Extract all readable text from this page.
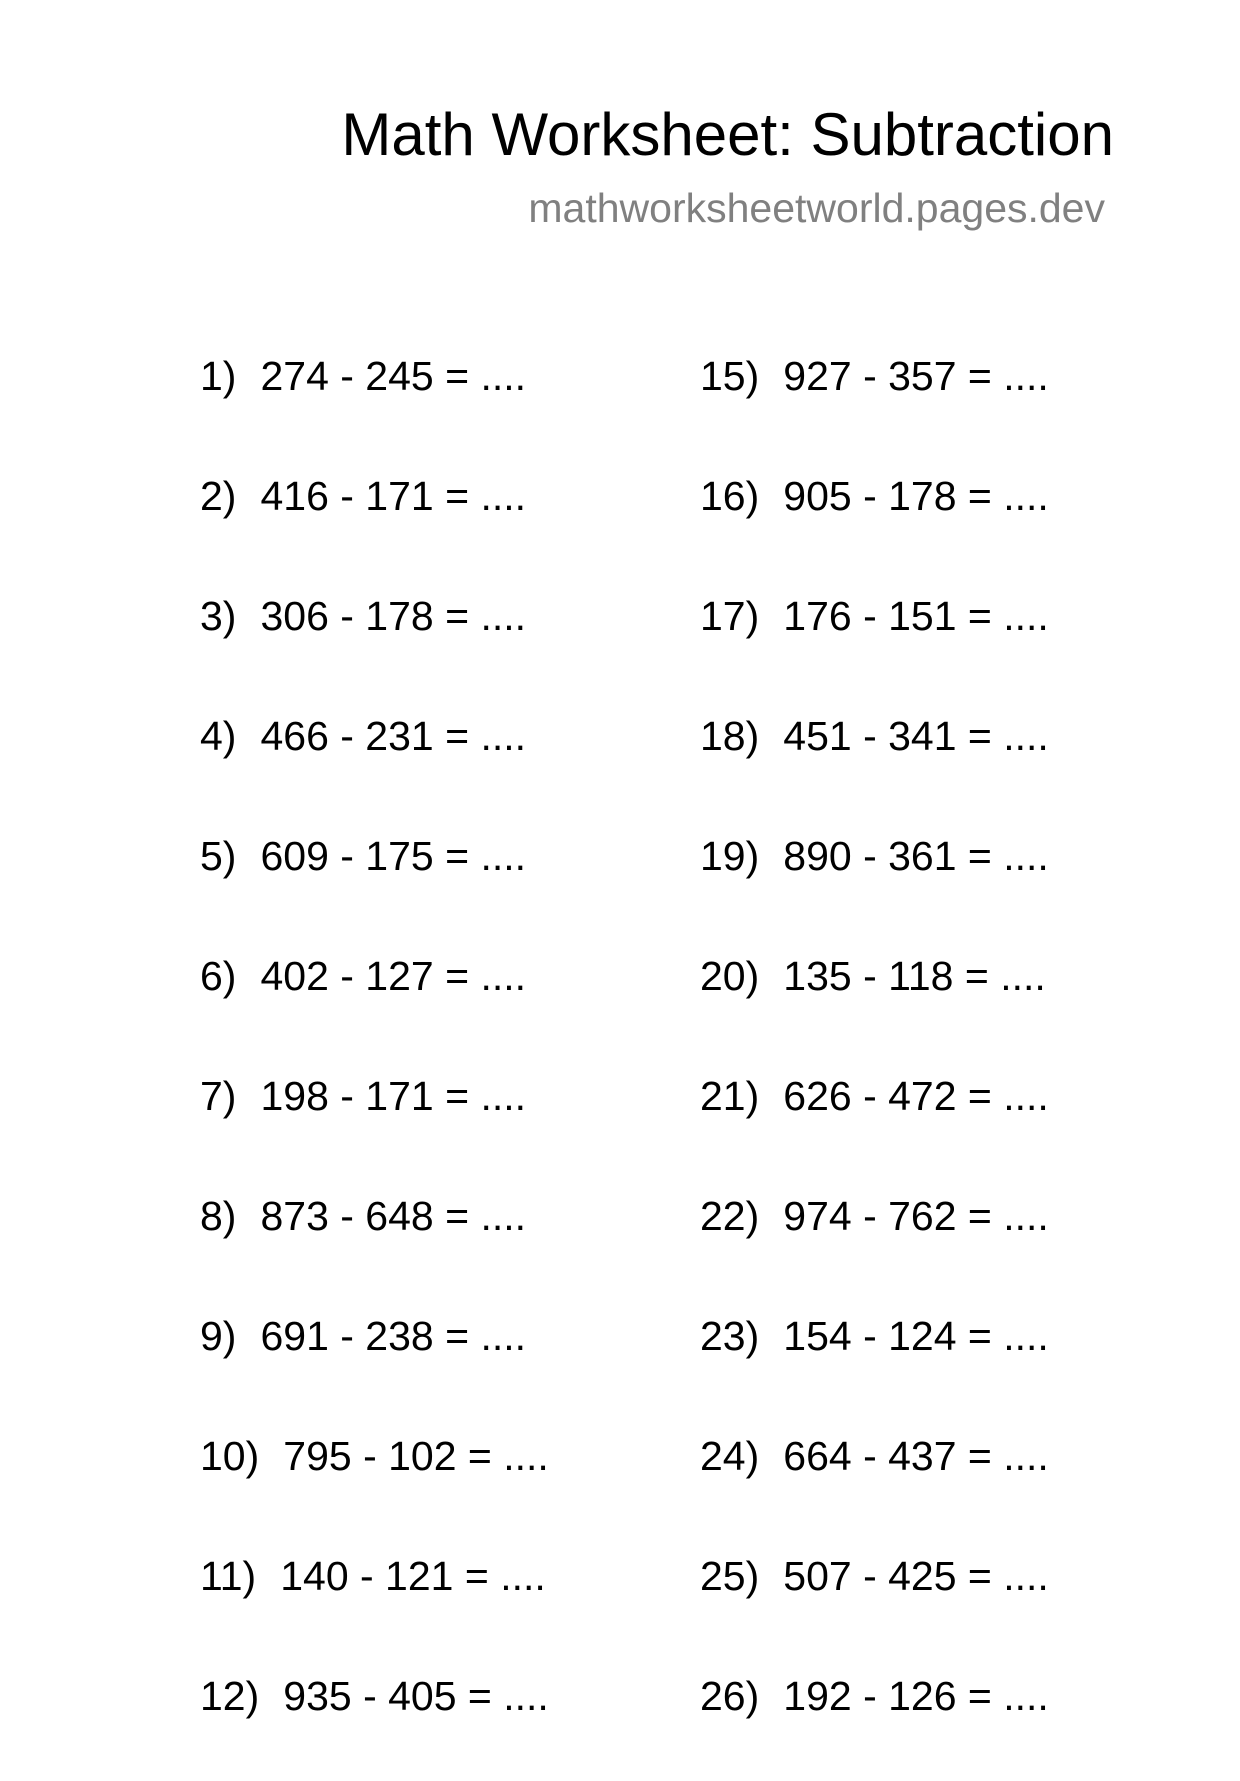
Math Worksheet: Subtraction
mathworksheetworld.pages.dev
1) 274 - 245 = ....
2) 416 - 171 = ....
3) 306 - 178 = ....
4) 466 - 231 = ....
5) 609 - 175 = ....
6) 402 - 127 = ....
7) 198 - 171 = ....
8) 873 - 648 = ....
9) 691 - 238 = ....
10) 795 - 102 = ....
11) 140 - 121 = ....
12) 935 - 405 = ....
15) 927 - 357 = ....
16) 905 - 178 = ....
17) 176 - 151 = ....
18) 451 - 341 = ....
19) 890 - 361 = ....
20) 135 - 118 = ....
21) 626 - 472 = ....
22) 974 - 762 = ....
23) 154 - 124 = ....
24) 664 - 437 = ....
25) 507 - 425 = ....
26) 192 - 126 = ....
